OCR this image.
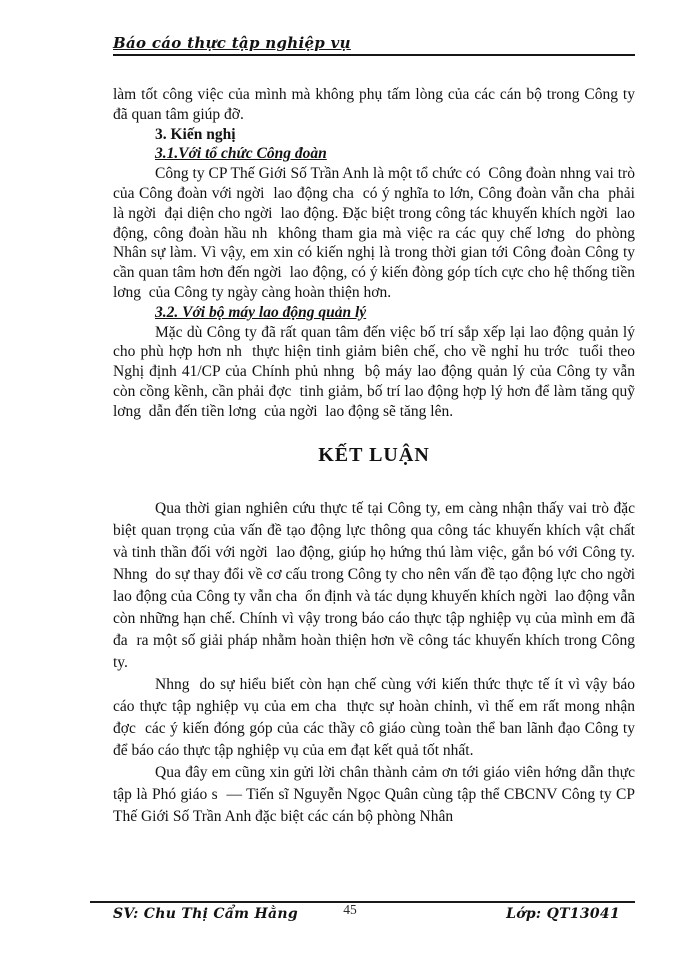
Báo cáo thực tập nghiệp vụ

làm tốt công việc của mình mà không phụ tấm lòng của các cán bộ trong Công ty đã quan tâm giúp đỡ.

3. Kiến nghị

3.1.Với tổ chức Công đoàn

Công ty CP Thế Giới Số Trần Anh là một tổ chức có  Công đoàn nhng vai trò của Công đoàn với ngời  lao động cha  có ý nghĩa to lớn, Công đoàn vẫn cha  phải là ngời  đại diện cho ngời  lao động. Đặc biệt trong công tác khuyến khích ngời  lao động, công đoàn hầu nh  không tham gia mà việc ra các quy chế lơng  do phòng Nhân sự làm. Vì vậy, em xin có kiến nghị là trong thời gian tới Công đoàn Công ty cần quan tâm hơn đến ngời  lao động, có ý kiến đòng góp tích cực cho hệ thống tiền lơng  của Công ty ngày càng hoàn thiện hơn.

3.2. Với bộ máy lao động quản lý

Mặc dù Công ty đã rất quan tâm đến việc bố trí sắp xếp lại lao động quản lý cho phù hợp hơn nh  thực hiện tinh giảm biên chế, cho về nghỉ hu trớc  tuổi theo Nghị định 41/CP của Chính phủ nhng  bộ máy lao động quản lý của Công ty vẫn còn cồng kềnh, cần phải đợc  tinh giảm, bố trí lao động hợp lý hơn để làm tăng quỹ lơng  dẫn đến tiền lơng  của ngời  lao động sẽ tăng lên.

KẾT LUẬN

Qua thời gian nghiên cứu thực tế tại Công ty, em càng nhận thấy vai trò đặc biệt quan trọng của vấn đề tạo động lực thông qua công tác khuyến khích vật chất và tinh thần đối với ngời  lao động, giúp họ hứng thú làm việc, gắn bó với Công ty. Nhng  do sự thay đổi về cơ cấu trong Công ty cho nên vấn đề tạo động lực cho ngời  lao động của Công ty vẫn cha  ổn định và tác dụng khuyến khích ngời  lao động vẫn còn những hạn chế. Chính vì vậy trong báo cáo thực tập nghiệp vụ của mình em đã đa  ra một số giải pháp nhằm hoàn thiện hơn về công tác khuyến khích trong Công ty.

Nhng  do sự hiểu biết còn hạn chế cùng với kiến thức thực tế ít vì vậy báo cáo thực tập nghiệp vụ của em cha  thực sự hoàn chỉnh, vì thế em rất mong nhận đợc  các ý kiến đóng góp của các thầy cô giáo cùng toàn thể ban lãnh đạo Công ty để báo cáo thực tập nghiệp vụ của em đạt kết quả tốt nhất.

Qua đây em cũng xin gửi lời chân thành cảm ơn tới giáo viên hớng dẫn thực tập là Phó giáo s  — Tiến sĩ Nguyễn Ngọc Quân cùng tập thể CBCNV Công ty CP Thế Giới Số Trần Anh đặc biệt các cán bộ phòng Nhân

SV: Chu Thị Cẩm Hằng	45	Lớp: QT13041
